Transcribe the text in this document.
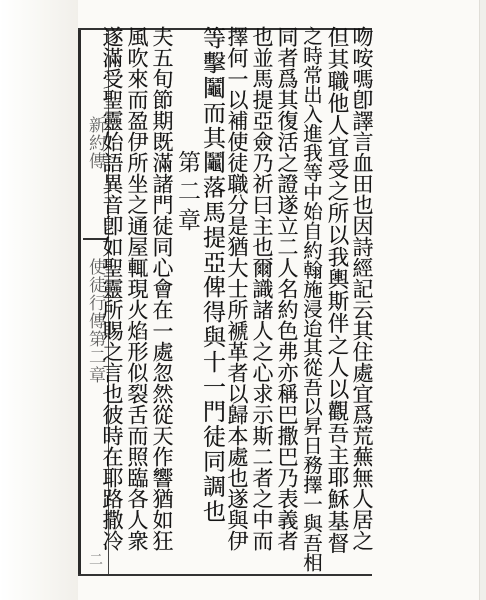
新約傳
使徒行傳第二章
二
吻咹嗎卽譯言血田也因詩經記云其住處宜爲荒蕪無人居之
但其職他人宜受之所以我輿斯伴之人以觀吾主耶穌基督
之時常出入進我等中始自約翰施浸迨其從吾以昇日務擇一與吾相
同者爲其復活之證遂立二人名約色弗亦稱巴撒巴乃表義者
也並馬提亞僉乃祈曰主也爾識諸人之心求示斯二者之中而
擇何一以補使徒職分是猶大士所褫革者以歸本處也遂與伊
等擊鬮而其鬮落馬提亞俾得與十一門徒同調也
第二章
夫五旬節期既滿諸門徒同心會在一處忽然從天作響猶如狂
風吹來而盈伊所坐之通屋輒現火焰形似裂舌而照臨各人衆
遂滿受聖靈始語異音卽如聖靈所賜之言也彼時在耶路撒冷
